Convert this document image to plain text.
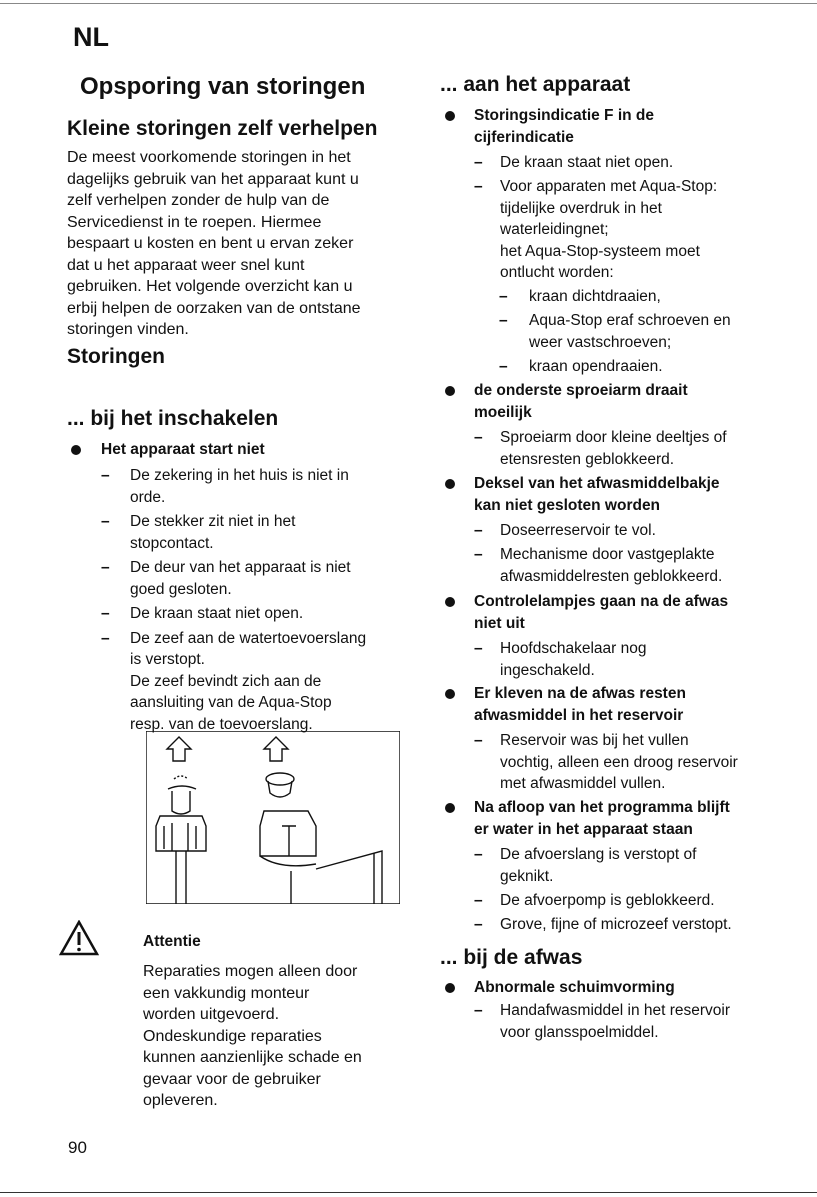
NL
Opsporing van storingen
Kleine storingen zelf verhelpen
De meest voorkomende storingen in het
dagelijks gebruik van het apparaat kunt u
zelf verhelpen zonder de hulp van de
Servicedienst in te roepen. Hiermee
bespaart u kosten en bent u ervan zeker
dat u het apparaat weer snel kunt
gebruiken. Het volgende overzicht kan u
erbij helpen de oorzaken van de ontstane
storingen vinden.
Storingen
... bij het inschakelen
Het apparaat start niet
– De zekering in het huis is niet in
orde.
– De stekker zit niet in het
stopcontact.
– De deur van het apparaat is niet
goed gesloten.
– De kraan staat niet open.
– De zeef aan de watertoevoerslang
is verstopt.
De zeef bevindt zich aan de
aansluiting van de Aqua-Stop
resp. van de toevoerslang.
Attentie
Reparaties mogen alleen door
een vakkundig monteur
worden uitgevoerd.
Ondeskundige reparaties
kunnen aanzienlijke schade en
gevaar voor de gebruiker
opleveren.
... aan het apparaat
Storingsindicatie F in de
cijferindicatie
– De kraan staat niet open.
– Voor apparaten met Aqua-Stop:
tijdelijke overdruk in het
waterleidingnet;
het Aqua-Stop-systeem moet
ontlucht worden:
– kraan dichtdraaien,
– Aqua-Stop eraf schroeven en
weer vastschroeven;
– kraan opendraaien.
de onderste sproeiarm draait
moeilijk
– Sproeiarm door kleine deeltjes of
etensresten geblokkeerd.
Deksel van het afwasmiddelbakje
kan niet gesloten worden
– Doseerreservoir te vol.
– Mechanisme door vastgeplakte
afwasmiddelresten geblokkeerd.
Controlelampjes gaan na de afwas
niet uit
– Hoofdschakelaar nog
ingeschakeld.
Er kleven na de afwas resten
afwasmiddel in het reservoir
– Reservoir was bij het vullen
vochtig, alleen een droog reservoir
met afwasmiddel vullen.
Na afloop van het programma blijft
er water in het apparaat staan
– De afvoerslang is verstopt of
geknikt.
– De afvoerpomp is geblokkeerd.
– Grove, fijne of microzeef verstopt.
... bij de afwas
Abnormale schuimvorming
– Handafwasmiddel in het reservoir
voor glansspoelmiddel.
90
